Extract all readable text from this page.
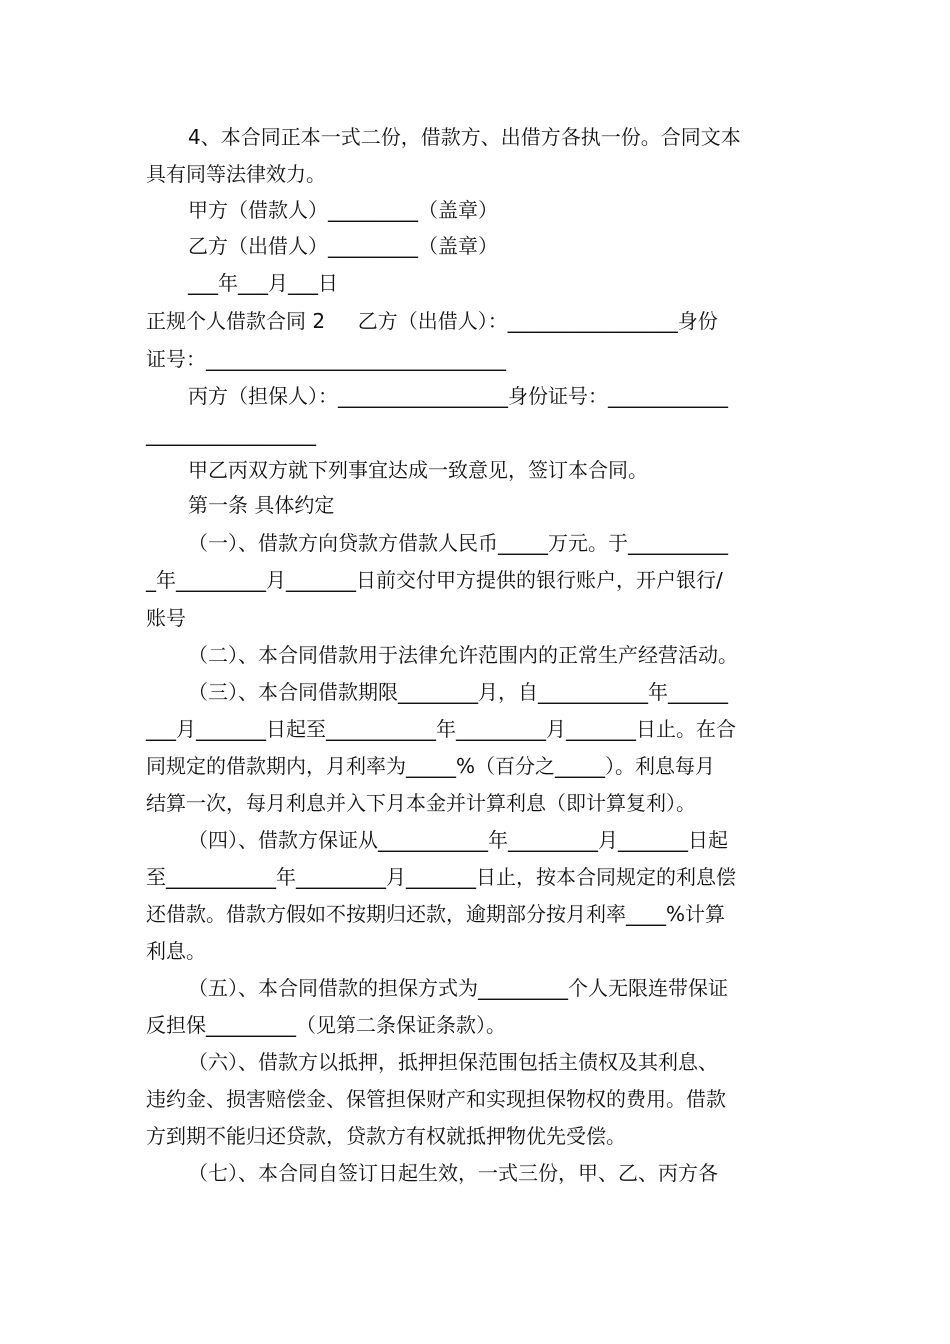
4、本合同正本一式二份，借款方、出借方各执一份。合同文本

具有同等法律效力。

甲方（借款人）_________（盖章）

乙方（出借人）_________（盖章）

___年___月___日

正规个人借款合同 2 　 乙方（出借人）：_________________身份

证号：______________________________

丙方（担保人）：_________________身份证号：____________

_________________

甲乙丙双方就下列事宜达成一致意见，签订本合同。

第一条 具体约定

（一）、借款方向贷款方借款人民币_____万元。于__________

_年_________月_______日前交付甲方提供的银行账户，开户银行/

账号

（二）、本合同借款用于法律允许范围内的正常生产经营活动。

（三）、本合同借款期限________月，自___________年______

___月_______日起至___________年_________月_______日止。在合

同规定的借款期内，月利率为_____%（百分之_____）。利息每月

结算一次，每月利息并入下月本金并计算利息（即计算复利）。

（四）、借款方保证从___________年_________月_______日起

至___________年_________月_______日止，按本合同规定的利息偿

还借款。借款方假如不按期归还款，逾期部分按月利率____%计算

利息。

（五）、本合同借款的担保方式为_________个人无限连带保证

反担保_________（见第二条保证条款）。

（六）、借款方以抵押，抵押担保范围包括主债权及其利息、

违约金、损害赔偿金、保管担保财产和实现担保物权的费用。借款

方到期不能归还贷款，贷款方有权就抵押物优先受偿。

（七）、本合同自签订日起生效，一式三份，甲、乙、丙方各
